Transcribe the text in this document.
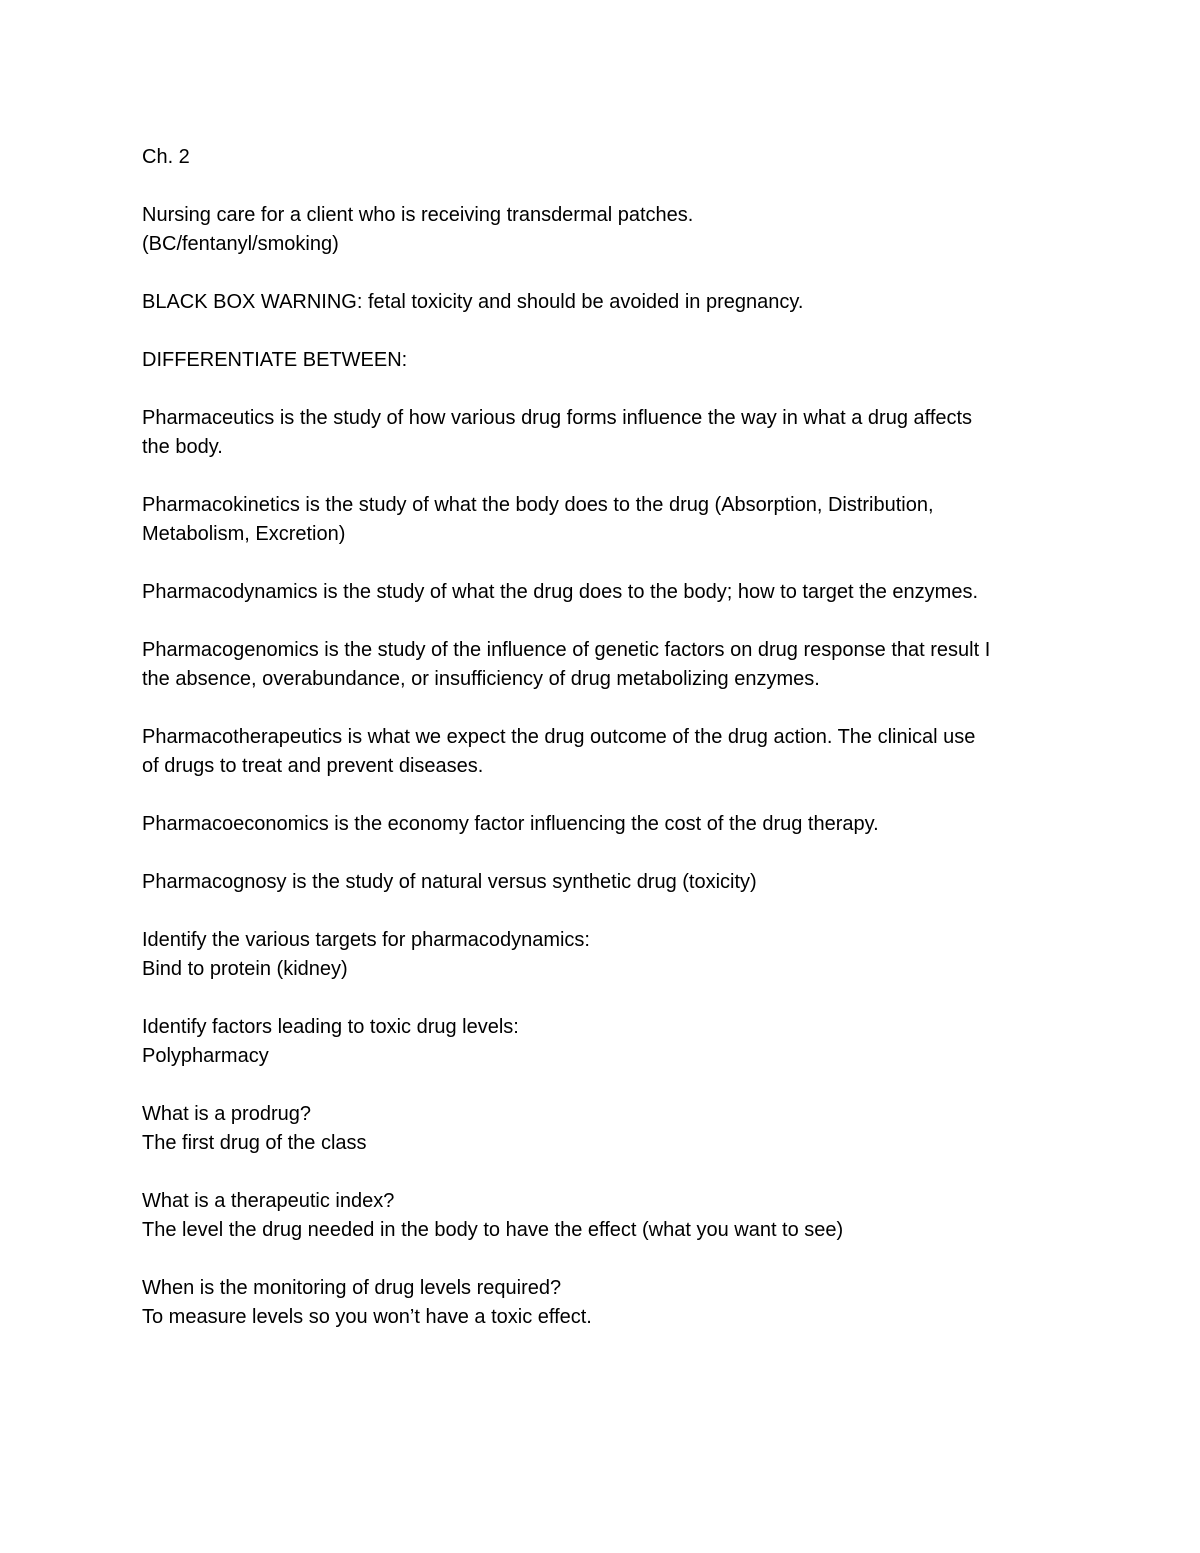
Ch. 2
Nursing care for a client who is receiving transdermal patches.
(BC/fentanyl/smoking)
BLACK BOX WARNING: fetal toxicity and should be avoided in pregnancy.
DIFFERENTIATE BETWEEN:
Pharmaceutics is the study of how various drug forms influence the way in what a drug affects
the body.
Pharmacokinetics is the study of what the body does to the drug (Absorption, Distribution,
Metabolism, Excretion)
Pharmacodynamics is the study of what the drug does to the body; how to target the enzymes.
Pharmacogenomics is the study of the influence of genetic factors on drug response that result I
the absence, overabundance, or insufficiency of drug metabolizing enzymes.
Pharmacotherapeutics is what we expect the drug outcome of the drug action. The clinical use
of drugs to treat and prevent diseases.
Pharmacoeconomics is the economy factor influencing the cost of the drug therapy.
Pharmacognosy is the study of natural versus synthetic drug (toxicity)
Identify the various targets for pharmacodynamics:
Bind to protein (kidney)
Identify factors leading to toxic drug levels:
Polypharmacy
What is a prodrug?
The first drug of the class
What is a therapeutic index?
The level the drug needed in the body to have the effect (what you want to see)
When is the monitoring of drug levels required?
To measure levels so you won’t have a toxic effect.
